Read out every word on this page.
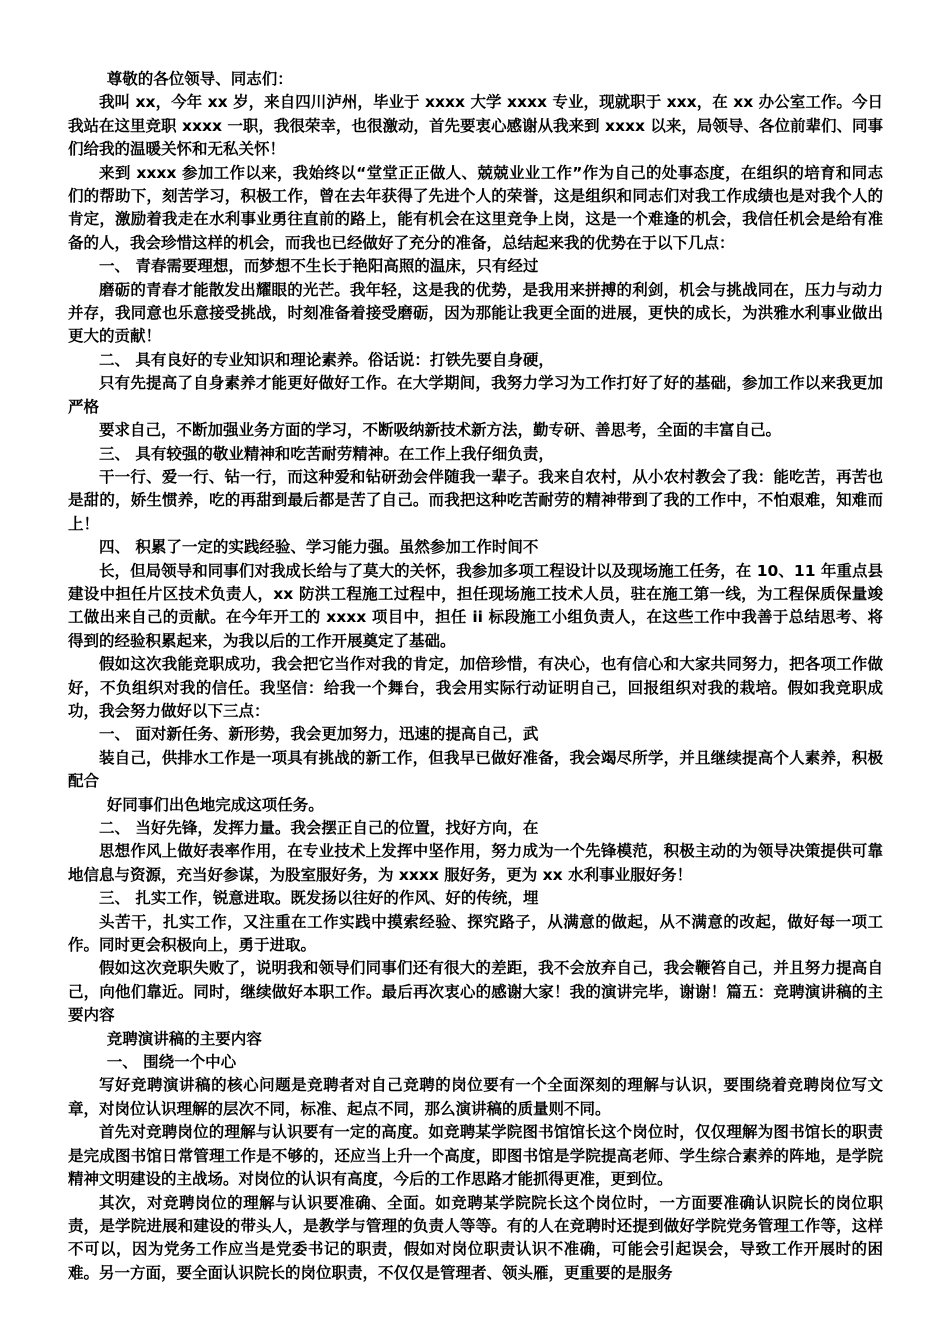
尊敬的各位领导、同志们：

我叫 xx，今年 xx 岁，来自四川泸州，毕业于 xxxx 大学 xxxx 专业，现就职于 xxx，在 xx 办公室工作。今日我站在这里竞职 xxxx 一职，我很荣幸，也很激动，首先要衷心感谢从我来到 xxxx 以来，局领导、各位前辈们、同事们给我的温暖关怀和无私关怀！

来到 xxxx 参加工作以来，我始终以“堂堂正正做人、兢兢业业工作”作为自己的处事态度，在组织的培育和同志们的帮助下，刻苦学习，积极工作，曾在去年获得了先进个人的荣誉，这是组织和同志们对我工作成绩也是对我个人的肯定，激励着我走在水利事业勇往直前的路上，能有机会在这里竞争上岗，这是一个难逢的机会，我信任机会是给有准备的人，我会珍惜这样的机会，而我也已经做好了充分的准备，总结起来我的优势在于以下几点：

一、 青春需要理想，而梦想不生长于艳阳高照的温床，只有经过

磨砺的青春才能散发出耀眼的光芒。我年轻，这是我的优势，是我用来拼搏的利剑，机会与挑战同在，压力与动力并存，我同意也乐意接受挑战，时刻准备着接受磨砺，因为那能让我更全面的进展，更快的成长，为洪雅水利事业做出更大的贡献！

二、 具有良好的专业知识和理论素养。俗话说：打铁先要自身硬，

只有先提高了自身素养才能更好做好工作。在大学期间，我努力学习为工作打好了好的基础，参加工作以来我更加严格

要求自己，不断加强业务方面的学习，不断吸纳新技术新方法，勤专研、善思考，全面的丰富自己。

三、 具有较强的敬业精神和吃苦耐劳精神。在工作上我仔细负责，

干一行、爱一行、钻一行，而这种爱和钻研劲会伴随我一辈子。我来自农村，从小农村教会了我：能吃苦，再苦也是甜的，娇生惯养，吃的再甜到最后都是苦了自己。而我把这种吃苦耐劳的精神带到了我的工作中，不怕艰难，知难而上！

四、 积累了一定的实践经验、学习能力强。虽然参加工作时间不

长，但局领导和同事们对我成长给与了莫大的关怀，我参加多项工程设计以及现场施工任务，在 10、11 年重点县建设中担任片区技术负责人，xx 防洪工程施工过程中，担任现场施工技术人员，驻在施工第一线，为工程保质保量竣工做出来自己的贡献。在今年开工的 xxxx 项目中，担任 ii 标段施工小组负责人，在这些工作中我善于总结思考、将得到的经验积累起来，为我以后的工作开展奠定了基础。

假如这次我能竞职成功，我会把它当作对我的肯定，加倍珍惜，有决心，也有信心和大家共同努力，把各项工作做好，不负组织对我的信任。我坚信：给我一个舞台，我会用实际行动证明自己，回报组织对我的栽培。假如我竞职成功，我会努力做好以下三点：

一、 面对新任务、新形势，我会更加努力，迅速的提高自己，武

装自己，供排水工作是一项具有挑战的新工作，但我早已做好准备，我会竭尽所学，并且继续提高个人素养，积极配合

好同事们出色地完成这项任务。

二、 当好先锋，发挥力量。我会摆正自己的位置，找好方向，在

思想作风上做好表率作用，在专业技术上发挥中坚作用，努力成为一个先锋模范，积极主动的为领导决策提供可靠地信息与资源，充当好参谋，为股室服好务，为 xxxx 服好务，更为 xx 水利事业服好务！

三、 扎实工作，锐意进取。既发扬以往好的作风、好的传统，埋

头苦干，扎实工作，又注重在工作实践中摸索经验、探究路子，从满意的做起，从不满意的改起，做好每一项工作。同时更会积极向上，勇于进取。

假如这次竞职失败了，说明我和领导们同事们还有很大的差距，我不会放弃自己，我会鞭笞自己，并且努力提高自己，向他们靠近。同时，继续做好本职工作。最后再次衷心的感谢大家！我的演讲完毕，谢谢！篇五：竞聘演讲稿的主要内容

竞聘演讲稿的主要内容

一、 围绕一个中心

写好竞聘演讲稿的核心问题是竞聘者对自己竞聘的岗位要有一个全面深刻的理解与认识，要围绕着竞聘岗位写文章，对岗位认识理解的层次不同，标准、起点不同，那么演讲稿的质量则不同。

首先对竞聘岗位的理解与认识要有一定的高度。如竞聘某学院图书馆馆长这个岗位时，仅仅理解为图书馆长的职责是完成图书馆日常管理工作是不够的，还应当上升一个高度，即图书馆是学院提高老师、学生综合素养的阵地，是学院精神文明建设的主战场。对岗位的认识有高度，今后的工作思路才能抓得更准，更到位。

其次，对竞聘岗位的理解与认识要准确、全面。如竞聘某学院院长这个岗位时，一方面要准确认识院长的岗位职责，是学院进展和建设的带头人，是教学与管理的负责人等等。有的人在竞聘时还提到做好学院党务管理工作等，这样不可以，因为党务工作应当是党委书记的职责，假如对岗位职责认识不准确，可能会引起误会，导致工作开展时的困难。另一方面，要全面认识院长的岗位职责，不仅仅是管理者、领头雁，更重要的是服务
